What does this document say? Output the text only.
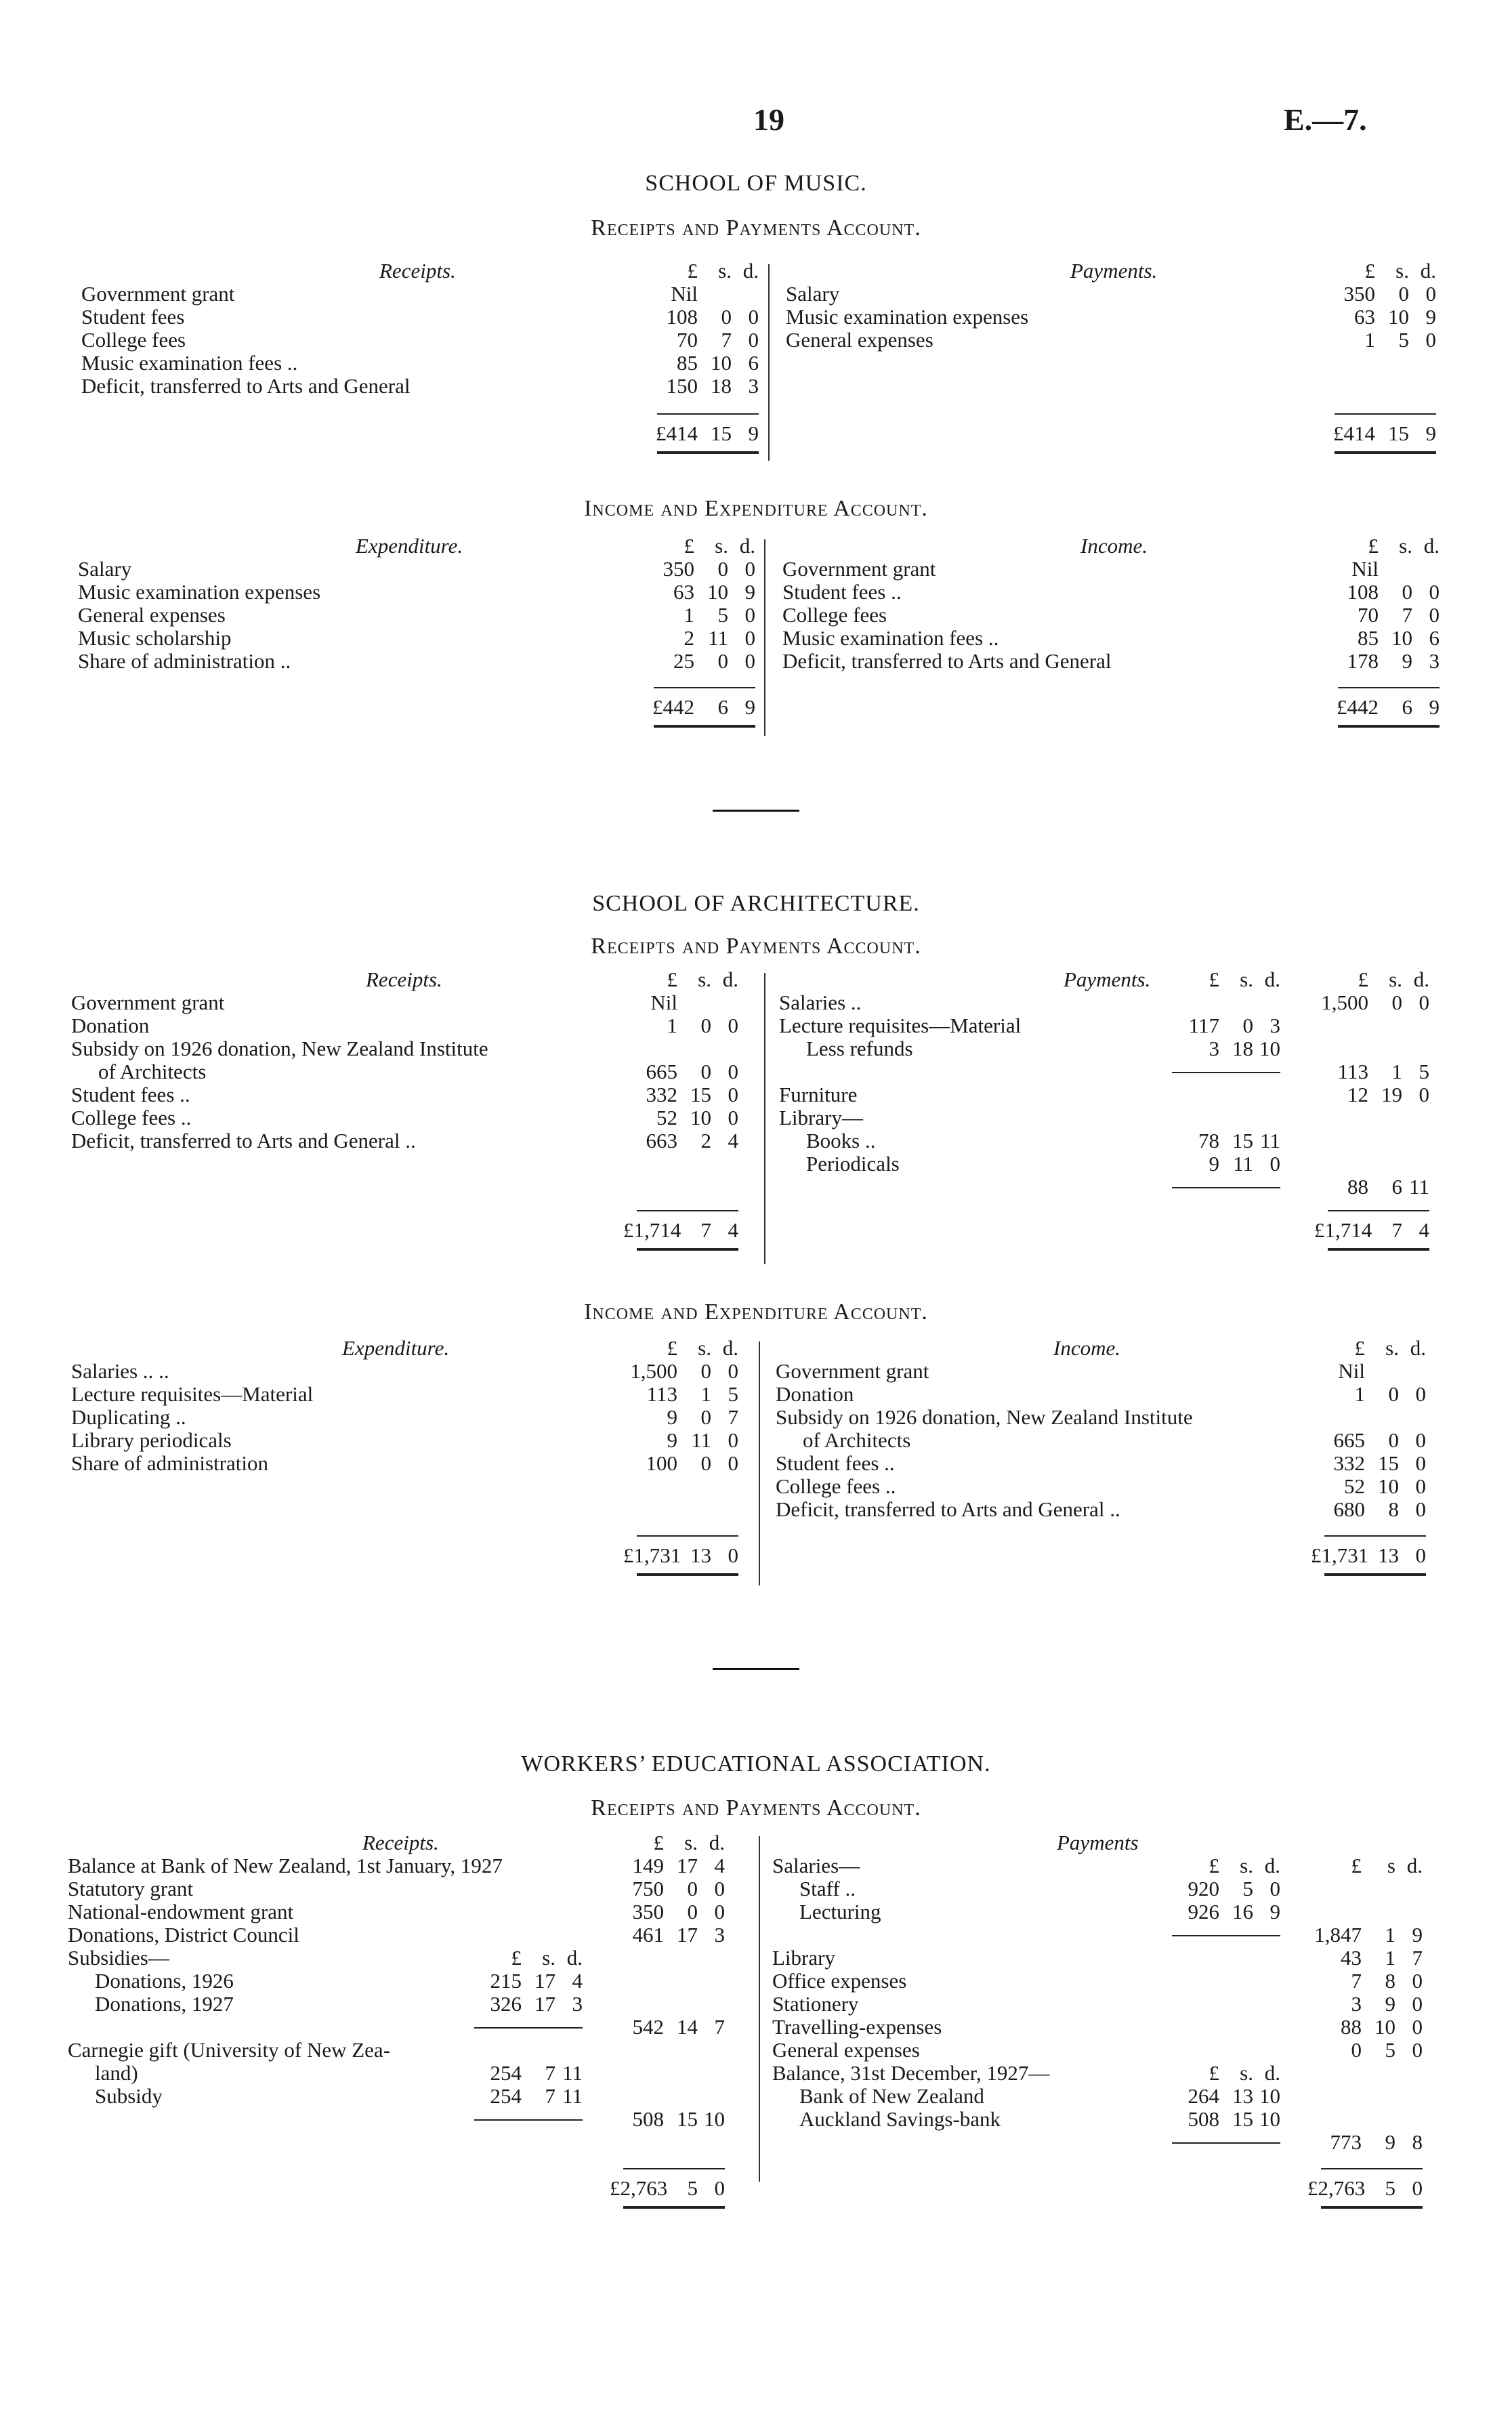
19	E.—7.
SCHOOL OF MUSIC.
Receipts and Payments Account.
Receipts.	£ s. d.
Government grant	Nil
Student fees	108	0 0
College fees	70	7 0
Music examination fees ..	85 10 6
Deficit, transferred to Arts and General	150 18 3
£414 15 9
Payments.	£ s. d.
Salary	350	0 0
Music examination expenses	63 10 9
General expenses	1	5 0
£414 15 9
Income and Expenditure Account.
Expenditure.	£ s. d.
Salary	350	0 0
Music examination expenses	63 10 9
General expenses	1	5 0
Music scholarship	2 11 0
Share of administration ..	25	0 0
£442	6 9
Income.	£ s. d.
Government grant	Nil
Student fees ..	108	0 0
College fees	70	7 0
Music examination fees ..	85 10 6
Deficit, transferred to Arts and General	178	9 3
£442	6 9
SCHOOL OF ARCHITECTURE.
Receipts and Payments Account.
Receipts.	£ s. d.
Government grant	Nil
Donation	1	0 0
Subsidy on 1926 donation, New Zealand Institute
of Architects	665	0 0
Student fees ..	332 15 0
College fees ..	52 10 0
Deficit, transferred to Arts and General ..	663	2 4
£1,714 7 4
Payments.	£ s. d.	£ s. d.
Salaries ..	1,500	0 0
Lecture requisites—Material	117	0 3
Less refunds	3 18 10
113	1 5
Furniture	12 19 0
Library—
Books ..	78 15 11
Periodicals	9 11 0
88	6 11
£1,714 7 4
Income and Expenditure Account.
Expenditure.	£ s. d.
Salaries .. ..	1,500	0 0
Lecture requisites—Material	113	1 5
Duplicating ..	9	0 7
Library periodicals	9 11 0
Share of administration	100	0 0
£1,731 13 0
Income.	£ s. d.
Government grant	Nil
Donation	1	0 0
Subsidy on 1926 donation, New Zealand Institute
of Architects	665	0 0
Student fees ..	332 15 0
College fees ..	52 10 0
Deficit, transferred to Arts and General ..	680	8 0
£1,731 13 0
WORKERS’ EDUCATIONAL ASSOCIATION.
Receipts and Payments Account.
Receipts.	£ s. d.
Balance at Bank of New Zealand, 1st January, 1927	149 17 4
Statutory grant	750	0 0
National-endowment grant	350	0 0
Donations, District Council	461 17 3
Subsidies—	£ s. d.
Donations, 1926	215 17 4
Donations, 1927	326 17 3
542 14 7
Carnegie gift (University of New Zea-
land)	254	7 11
Subsidy	254	7 11
508 15 10
£2,763 5 0
Payments
Salaries—	£ s. d.	£	s d.
Staff ..	920	5 0
Lecturing	926 16 9
1,847	1 9
Library	43	1 7
Office expenses	7	8 0
Stationery	3	9 0
Travelling-expenses	88 10 0
General expenses	0	5 0
Balance, 31st December, 1927—	£ s. d.
Bank of New Zealand	264 13 10
Auckland Savings-bank	508 15 10
773	9 8
£2,763 5 0
